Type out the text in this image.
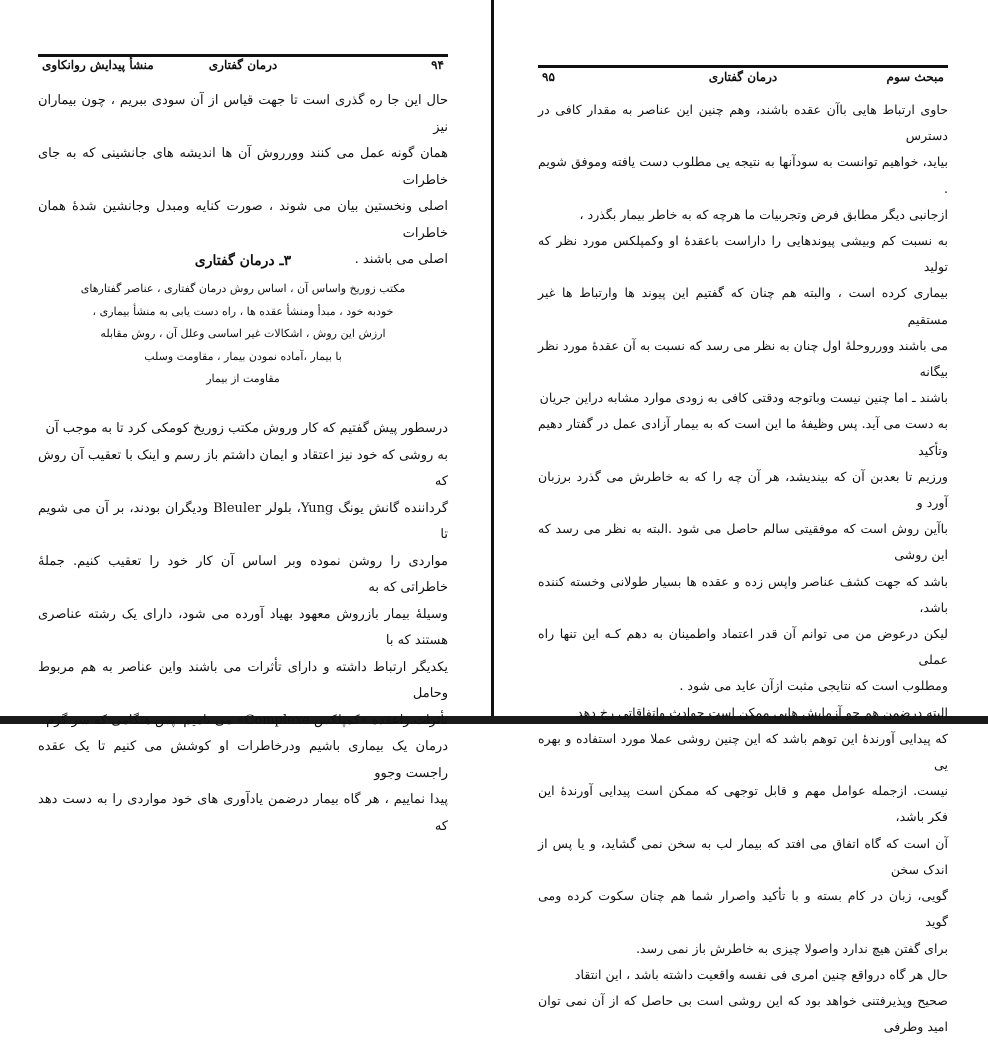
۹۴
درمان گفتاری
منشأ پیدایش روانکاوی
حال این جا ره گذری است تا جهت قیاس از آن سودی ببریم ، چون بیماران نیز
همان گونه عمل می کنند وورروش آن ها اندیشه های جانشینی که به جای خاطرات
اصلی ونخستین بیان می شوند ، صورت کنایه ومبدل وجانشین شدهٔ همان خاطرات
اصلی می باشند .
۳ـ درمان گفتاری
مکتب زوریخ واساس آن ، اساس روش درمان گفتاری ، عناصر گفتارهای
خودبه خود ، مبدأ ومنشأ عقده ها ، راه دست یابی به منشأ بیماری ،
ارزش این روش ، اشکالات غیر اساسی وعلل آن ، روش مقابله
با بیمار ،آماده نمودن بیمار ، مقاومت وسلب
مقاومت از بیمار
درسطور پیش گفتیم که کار وروش مکتب زوریخ کومکی کرد تا به موجب آن
به روشی که خود نیز اعتقاد و ایمان داشتم باز رسم و اینک با تعقیب آن روش که
گرداننده گانش یونگ Yung، بلولر Bleuler ودیگران بودند، بر آن می شویم تا
مواردی را روشن نموده وبر اساس آن کار خود را تعقیب کنیم. جملهٔ خاطراتی که به
وسیلهٔ بیمار بازروش معهود بهیاد آورده می شود، دارای یک رشته عناصری هستند که با
یکدیگر ارتباط داشته و دارای تأثرات می باشند واین عناصر به هم مربوط وحامل
تأثرات راعقده «کمپلکس Complexe» می نامیم. پس هنگامی که سر گرم
درمان یک بیماری باشیم ودرخاطرات او کوشش می کنیم تا یک عقده راجست وجوو
پیدا نماییم ، هر گاه بیمار درضمن یادآوری های خود مواردی را به دست دهد که
مبحث سوم
درمان گفتاری
۹۵
حاوی ارتباط هایی باآن عقده باشند، وهم چنین این عناصر به مقدار کافی در دسترس
بیاید، خواهیم توانست به سودآنها به نتیجه یی مطلوب دست یافته وموفق شویم .
ازجانبی دیگر مطابق فرض وتجربیات ما هرچه که به خاطر بیمار بگذرد ،
به نسبت کم وبیشی پیوندهایی را داراست باعقدهٔ او وکمپلکس مورد نظر که تولید
بیماری کرده است ، والبته هم چنان که گفتیم این پیوند ها وارتباط ها غیر مستقیم
می باشند وورروحلهٔ اول چنان به نظر می رسد که نسبت به آن عقدهٔ مورد نظر بیگانه
باشند ـ اما چنین نیست وباتوجه ودقتی کافی به زودی موارد مشابه دراین جریان
به دست می آید. پس وظیفهٔ ما این است که به بیمار آزادی عمل در گفتار دهیم وتأکید
ورزیم تا بعدبن آن که بیندیشد، هر آن چه را که به خاطرش می گذرد برزبان آورد و
باآین روش است که موفقیتی سالم حاصل می شود .البته به نظر می رسد که این روشی
باشد که جهت کشف عناصر واپس زده و عقده ها بسیار طولانی وخسته کننده باشد،
لیکن درعوض من می توانم آن قدر اعتماد واطمینان به دهم کـه این تنها راه عملی
ومطلوب است که نتایجی مثبت ازآن عاید می شود .
البته درضمن هم چو آزمایش هایی ممکن است حوادث واتفاقاتی رخ دهد
که پیدایی آورندهٔ این توهم باشد که این چنین روشی عملا مورد استفاده و بهره یی
نیست. ازجمله عوامل مهم و قابل توجهی که ممکن است پیدایی آورندهٔ این فکر باشد،
آن است که گاه اتفاق می افتد که بیمار لب به سخن نمی گشاید، و یا پس از اندک سخن
گویی، زبان در کام بسته و با تأکید واصرار شما هم چنان سکوت کرده ومی گوید
برای گفتن هیچ ندارد واصولا چیزی به خاطرش باز نمی رسد.
حال هر گاه درواقع چنین امری فی نفسه واقعیت داشته باشد ، این انتقاد
صحیح وپذیرفتنی خواهد بود که این روشی است بی حاصل که از آن نمی توان امید وطرفی
